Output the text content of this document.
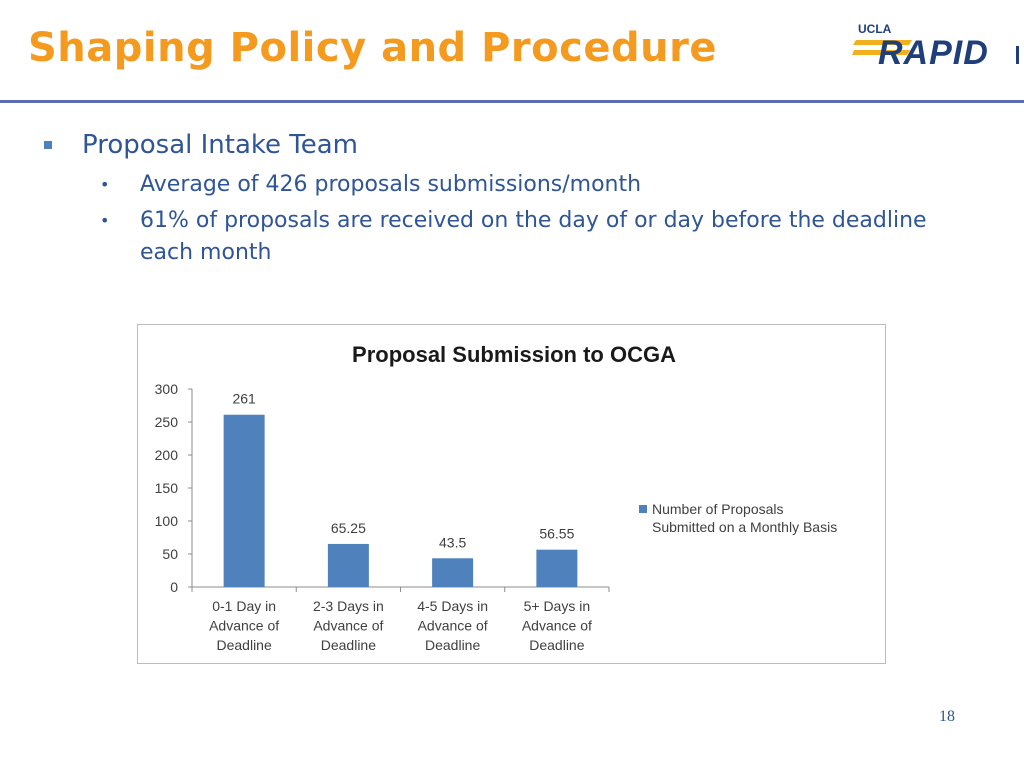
Shaping Policy and Procedure	RAPID
UCLA
Proposal Intake Team
•	Average of 426 proposals submissions/month
•	61% of proposals are received on the day of or day before the deadline each month
Proposal Submission to OCGA
0
50
100
150
200
250
300
261
0-1 Day in
Advance of
Deadline
65.25
2-3 Days in
Advance of
Deadline
43.5
4-5 Days in
Advance of
Deadline
56.55
5+ Days in
Advance of
Deadline
Number of Proposals
Submitted on a Monthly Basis
18
